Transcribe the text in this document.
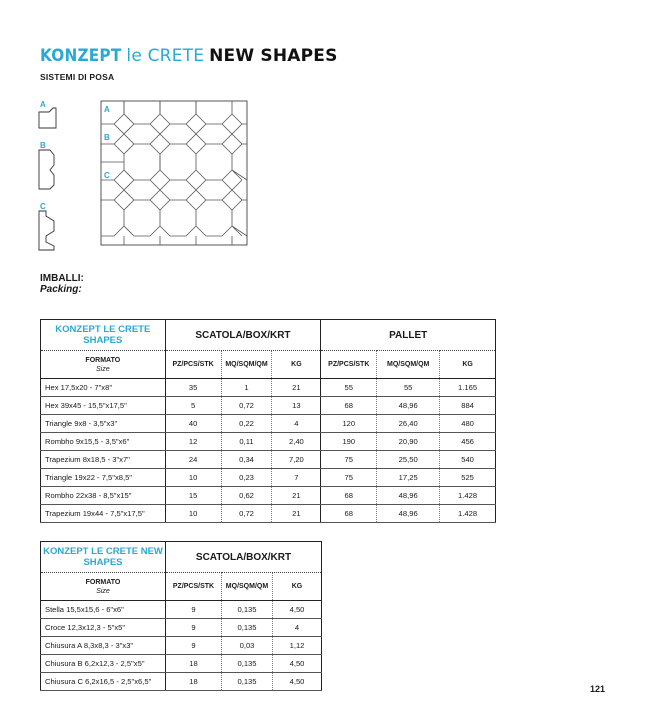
KONZEPT le CRETE NEW SHAPES
SISTEMI DI POSA
A
B
C
A
B
C
IMBALLI:
Packing:
KONZEPT LE CRETE SHAPES	SCATOLA/BOX/KRT			PALLET		
FORMATO
Size	PZ/PCS/STK	MQ/SQM/QM	KG	PZ/PCS/STK	MQ/SQM/QM	KG
Hex 17,5x20 - 7"x8"	35	1	21	55	55	1.165
Hex 39x45 - 15,5"x17,5"	5	0,72	13	68	48,96	884
Triangle 9x8 - 3,5"x3"	40	0,22	4	120	26,40	480
Rombho 9x15,5 - 3,5"x6"	12	0,11	2,40	190	20,90	456
Trapezium 8x18,5 - 3"x7"	24	0,34	7,20	75	25,50	540
Triangle 19x22 - 7,5"x8,5"	10	0,23	7	75	17,25	525
Rombho 22x38 - 8,5"x15"	15	0,62	21	68	48,96	1.428
Trapezium 19x44 - 7,5"x17,5"	10	0,72	21	68	48,96	1.428
KONZEPT LE CRETE NEW SHAPES	SCATOLA/BOX/KRT		
FORMATO
Size	PZ/PCS/STK	MQ/SQM/QM	KG
Stella 15,5x15,6 - 6"x6"	9	0,135	4,50
Croce 12,3x12,3 - 5"x5"	9	0,135	4
Chiusura A 8,3x8,3 - 3"x3"	9	0,03	1,12
Chiusura B 6,2x12,3 - 2,5"x5"	18	0,135	4,50
Chiusura C 6,2x16,5 - 2,5"x6,5"	18	0,135	4,50
121
